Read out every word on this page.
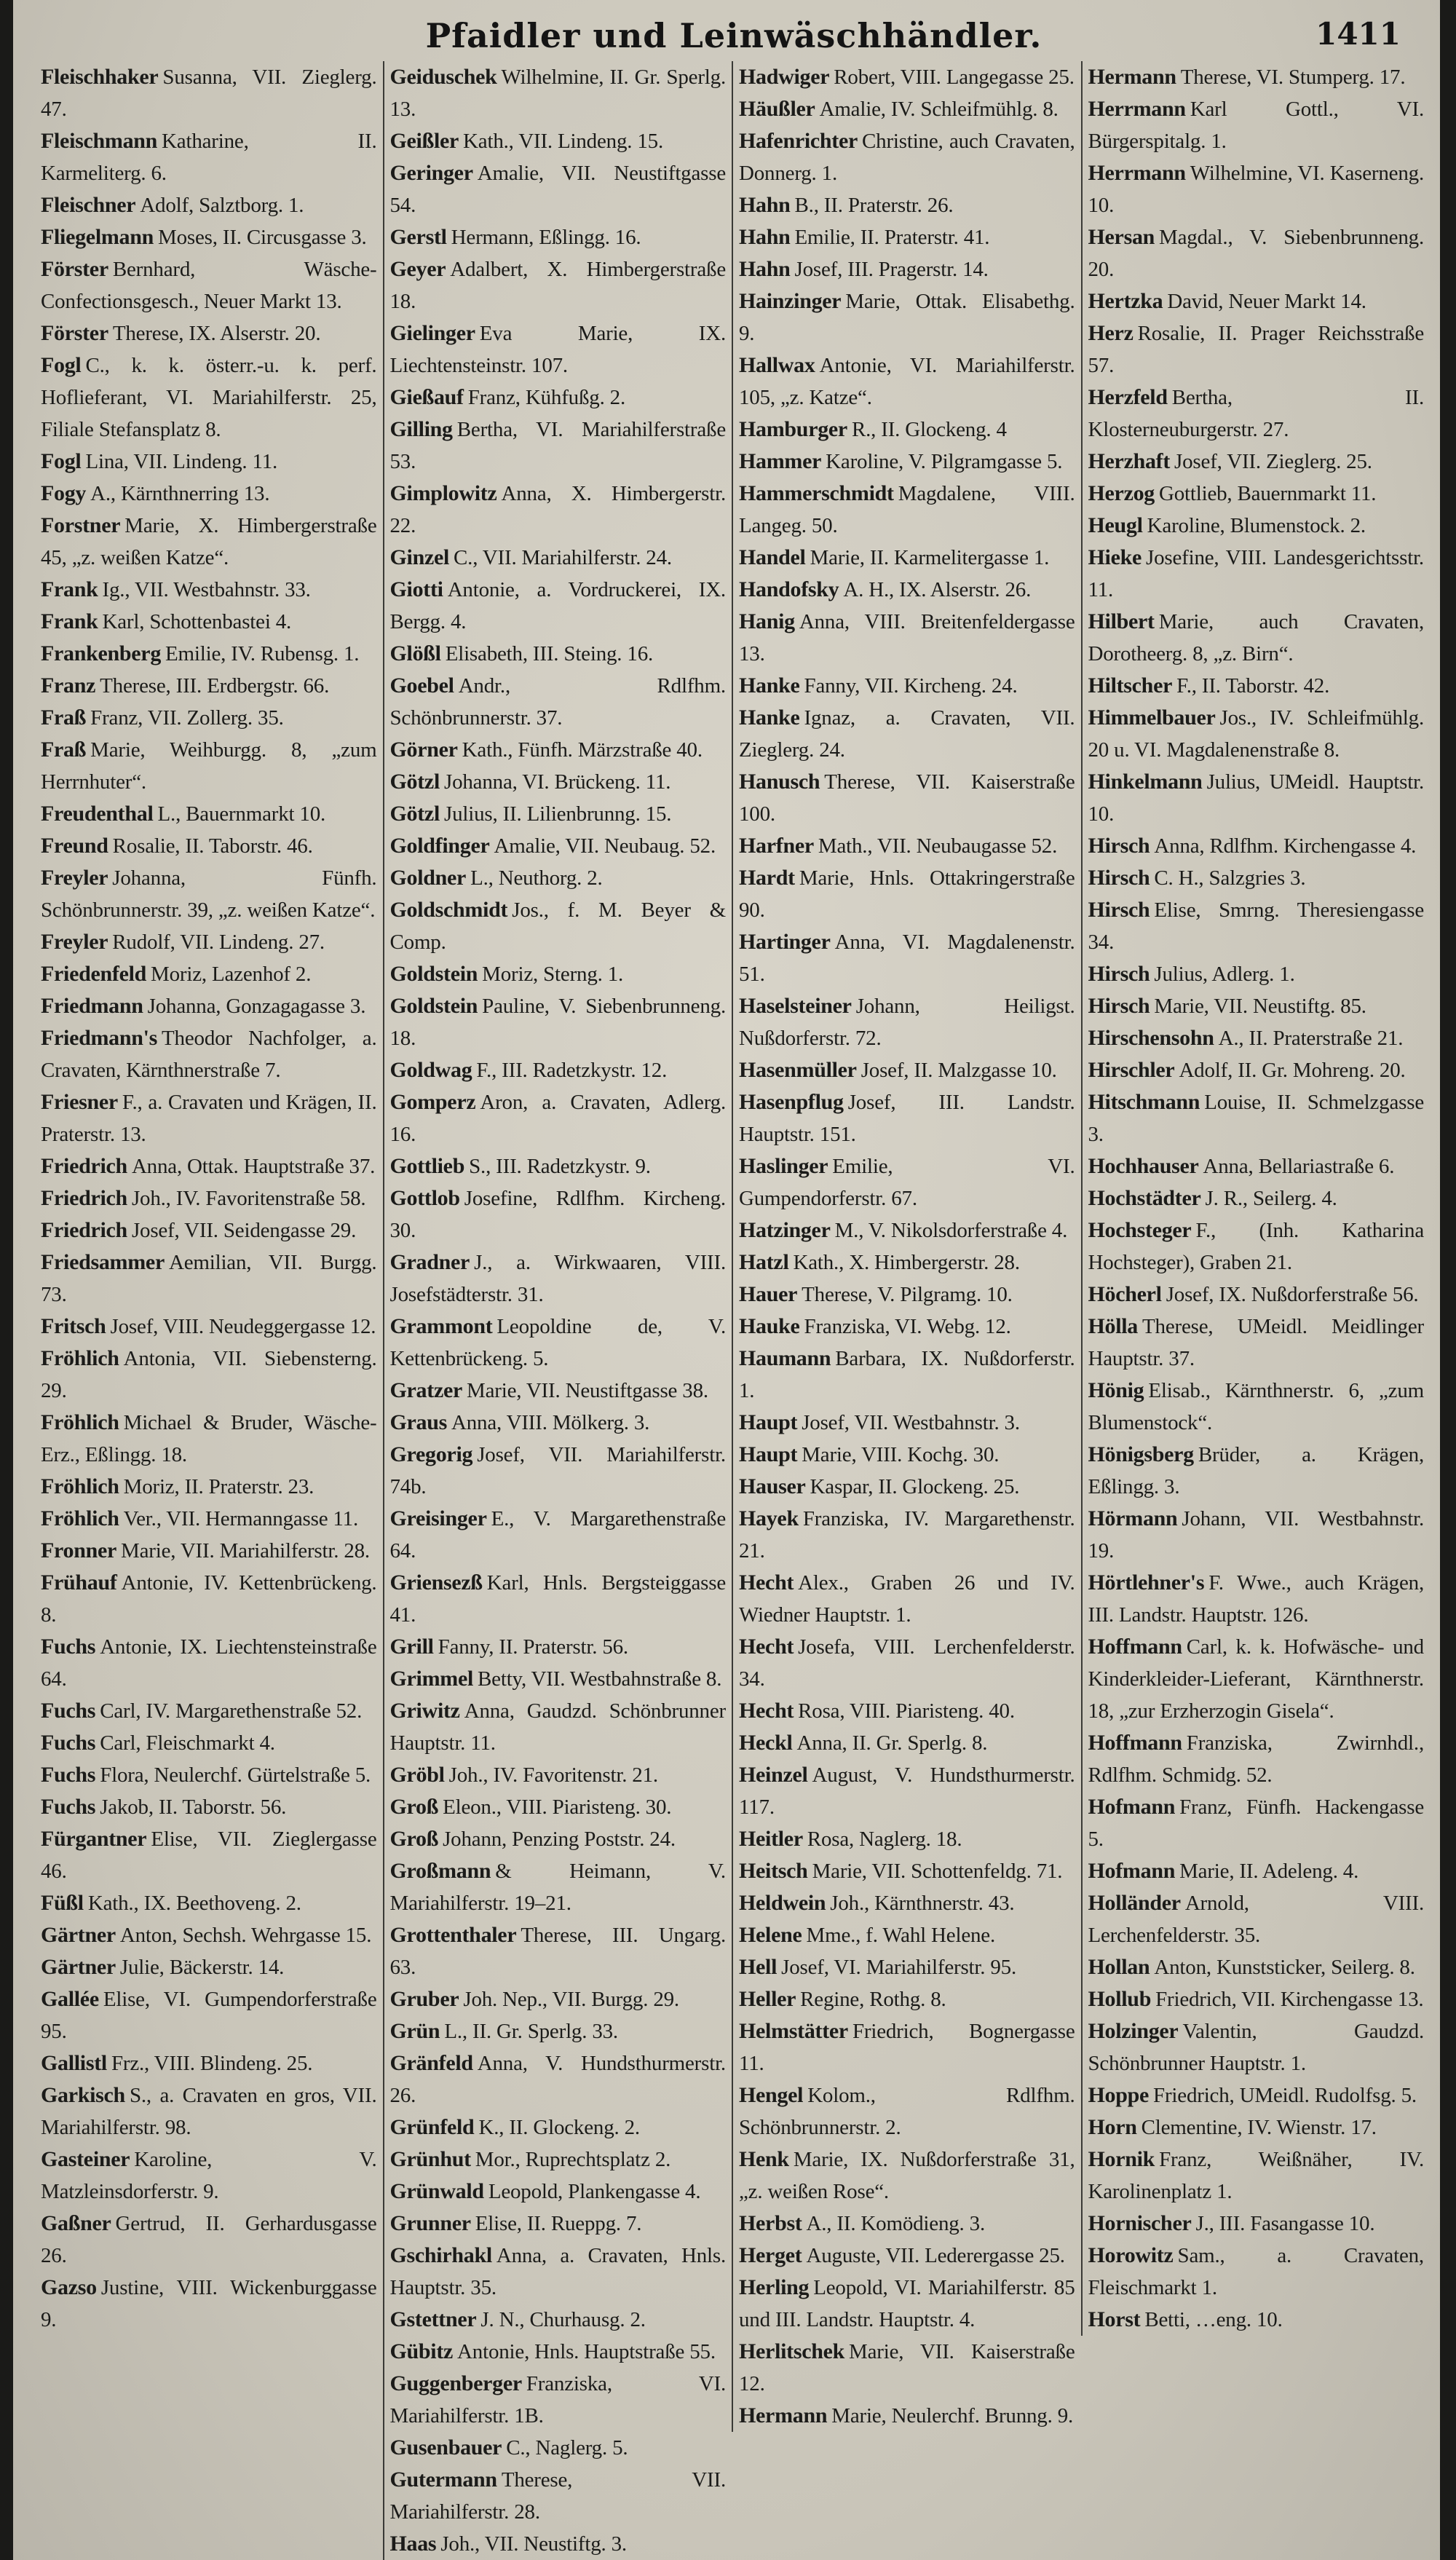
Pfaidler und Leinwäschhändler.	1411
Fleischhaker Susanna, VII. Zieglerg. 47.
Fleischmann Katharine, II. Karmeliterg. 6.
Fleischner Adolf, Salztborg. 1.
Fliegelmann Moses, II. Circusgasse 3.
Förster Bernhard, Wäsche-Confectionsgesch., Neuer Markt 13.
Förster Therese, IX. Alserstr. 20.
Fogl C., k. k. österr.-u. k. perf. Hoflieferant, VI. Mariahilferstr. 25, Filiale Stefansplatz 8.
Fogl Lina, VII. Lindeng. 11.
Fogy A., Kärnthnerring 13.
Forstner Marie, X. Himbergerstraße 45, „z. weißen Katze“.
Frank Ig., VII. Westbahnstr. 33.
Frank Karl, Schottenbastei 4.
Frankenberg Emilie, IV. Rubensg. 1.
Franz Therese, III. Erdbergstr. 66.
Fraß Franz, VII. Zollerg. 35.
Fraß Marie, Weihburgg. 8, „zum Herrnhuter“.
Freudenthal L., Bauernmarkt 10.
Freund Rosalie, II. Taborstr. 46.
Freyler Johanna, Fünfh. Schönbrunnerstr. 39, „z. weißen Katze“.
Freyler Rudolf, VII. Lindeng. 27.
Friedenfeld Moriz, Lazenhof 2.
Friedmann Johanna, Gonzagagasse 3.
Friedmann's Theodor Nachfolger, a. Cravaten, Kärnthnerstraße 7.
Friesner F., a. Cravaten und Krägen, II. Praterstr. 13.
Friedrich Anna, Ottak. Hauptstraße 37.
Friedrich Joh., IV. Favoritenstraße 58.
Friedrich Josef, VII. Seidengasse 29.
Friedsammer Aemilian, VII. Burgg. 73.
Fritsch Josef, VIII. Neudeggergasse 12.
Fröhlich Antonia, VII. Siebensterng. 29.
Fröhlich Michael & Bruder, Wäsche-Erz., Eßlingg. 18.
Fröhlich Moriz, II. Praterstr. 23.
Fröhlich Ver., VII. Hermanngasse 11.
Fronner Marie, VII. Mariahilferstr. 28.
Frühauf Antonie, IV. Kettenbrückeng. 8.
Fuchs Antonie, IX. Liechtensteinstraße 64.
Fuchs Carl, IV. Margarethenstraße 52.
Fuchs Carl, Fleischmarkt 4.
Fuchs Flora, Neulerchf. Gürtelstraße 5.
Fuchs Jakob, II. Taborstr. 56.
Fürgantner Elise, VII. Zieglergasse 46.
Füßl Kath., IX. Beethoveng. 2.
Gärtner Anton, Sechsh. Wehrgasse 15.
Gärtner Julie, Bäckerstr. 14.
Gallée Elise, VI. Gumpendorferstraße 95.
Gallistl Frz., VIII. Blindeng. 25.
Garkisch S., a. Cravaten en gros, VII. Mariahilferstr. 98.
Gasteiner Karoline, V. Matzleinsdorferstr. 9.
Gaßner Gertrud, II. Gerhardusgasse 26.
Gazso Justine, VIII. Wickenburggasse 9.
Geiduschek Wilhelmine, II. Gr. Sperlg. 13.
Geißler Kath., VII. Lindeng. 15.
Geringer Amalie, VII. Neustiftgasse 54.
Gerstl Hermann, Eßlingg. 16.
Geyer Adalbert, X. Himbergerstraße 18.
Gielinger Eva Marie, IX. Liechtensteinstr. 107.
Gießauf Franz, Kühfußg. 2.
Gilling Bertha, VI. Mariahilferstraße 53.
Gimplowitz Anna, X. Himbergerstr. 22.
Ginzel C., VII. Mariahilferstr. 24.
Giotti Antonie, a. Vordruckerei, IX. Bergg. 4.
Glößl Elisabeth, III. Steing. 16.
Goebel Andr., Rdlfhm. Schönbrunnerstr. 37.
Görner Kath., Fünfh. Märzstraße 40.
Götzl Johanna, VI. Brückeng. 11.
Götzl Julius, II. Lilienbrunng. 15.
Goldfinger Amalie, VII. Neubaug. 52.
Goldner L., Neuthorg. 2.
Goldschmidt Jos., f. M. Beyer & Comp.
Goldstein Moriz, Sterng. 1.
Goldstein Pauline, V. Siebenbrunneng. 18.
Goldwag F., III. Radetzkystr. 12.
Gomperz Aron, a. Cravaten, Adlerg. 16.
Gottlieb S., III. Radetzkystr. 9.
Gottlob Josefine, Rdlfhm. Kircheng. 30.
Gradner J., a. Wirkwaaren, VIII. Josefstädterstr. 31.
Grammont Leopoldine de, V. Kettenbrückeng. 5.
Gratzer Marie, VII. Neustiftgasse 38.
Graus Anna, VIII. Mölkerg. 3.
Gregorig Josef, VII. Mariahilferstr. 74b.
Greisinger E., V. Margarethenstraße 64.
Griensezß Karl, Hnls. Bergsteiggasse 41.
Grill Fanny, II. Praterstr. 56.
Grimmel Betty, VII. Westbahnstraße 8.
Griwitz Anna, Gaudzd. Schönbrunner Hauptstr. 11.
Gröbl Joh., IV. Favoritenstr. 21.
Groß Eleon., VIII. Piaristeng. 30.
Groß Johann, Penzing Poststr. 24.
Großmann & Heimann, V. Mariahilferstr. 19–21.
Grottenthaler Therese, III. Ungarg. 63.
Gruber Joh. Nep., VII. Burgg. 29.
Grün L., II. Gr. Sperlg. 33.
Gränfeld Anna, V. Hundsthurmerstr. 26.
Grünfeld K., II. Glockeng. 2.
Grünhut Mor., Ruprechtsplatz 2.
Grünwald Leopold, Plankengasse 4.
Grunner Elise, II. Rueppg. 7.
Gschirhakl Anna, a. Cravaten, Hnls. Hauptstr. 35.
Gstettner J. N., Churhausg. 2.
Gübitz Antonie, Hnls. Hauptstraße 55.
Guggenberger Franziska, VI. Mariahilferstr. 1B.
Gusenbauer C., Naglerg. 5.
Gutermann Therese, VII. Mariahilferstr. 28.
Haas Joh., VII. Neustiftg. 3.
Hadwiger Robert, VIII. Langegasse 25.
Häußler Amalie, IV. Schleifmühlg. 8.
Hafenrichter Christine, auch Cravaten, Donnerg. 1.
Hahn B., II. Praterstr. 26.
Hahn Emilie, II. Praterstr. 41.
Hahn Josef, III. Pragerstr. 14.
Hainzinger Marie, Ottak. Elisabethg. 9.
Hallwax Antonie, VI. Mariahilferstr. 105, „z. Katze“.
Hamburger R., II. Glockeng. 4
Hammer Karoline, V. Pilgramgasse 5.
Hammerschmidt Magdalene, VIII. Langeg. 50.
Handel Marie, II. Karmelitergasse 1.
Handofsky A. H., IX. Alserstr. 26.
Hanig Anna, VIII. Breitenfeldergasse 13.
Hanke Fanny, VII. Kircheng. 24.
Hanke Ignaz, a. Cravaten, VII. Zieglerg. 24.
Hanusch Therese, VII. Kaiserstraße 100.
Harfner Math., VII. Neubaugasse 52.
Hardt Marie, Hnls. Ottakringerstraße 90.
Hartinger Anna, VI. Magdalenenstr. 51.
Haselsteiner Johann, Heiligst. Nußdorferstr. 72.
Hasenmüller Josef, II. Malzgasse 10.
Hasenpflug Josef, III. Landstr. Hauptstr. 151.
Haslinger Emilie, VI. Gumpendorferstr. 67.
Hatzinger M., V. Nikolsdorferstraße 4.
Hatzl Kath., X. Himbergerstr. 28.
Hauer Therese, V. Pilgramg. 10.
Hauke Franziska, VI. Webg. 12.
Haumann Barbara, IX. Nußdorferstr. 1.
Haupt Josef, VII. Westbahnstr. 3.
Haupt Marie, VIII. Kochg. 30.
Hauser Kaspar, II. Glockeng. 25.
Hayek Franziska, IV. Margarethenstr. 21.
Hecht Alex., Graben 26 und IV. Wiedner Hauptstr. 1.
Hecht Josefa, VIII. Lerchenfelderstr. 34.
Hecht Rosa, VIII. Piaristeng. 40.
Heckl Anna, II. Gr. Sperlg. 8.
Heinzel August, V. Hundsthurmerstr. 117.
Heitler Rosa, Naglerg. 18.
Heitsch Marie, VII. Schottenfeldg. 71.
Heldwein Joh., Kärnthnerstr. 43.
Helene Mme., f. Wahl Helene.
Hell Josef, VI. Mariahilferstr. 95.
Heller Regine, Rothg. 8.
Helmstätter Friedrich, Bognergasse 11.
Hengel Kolom., Rdlfhm. Schönbrunnerstr. 2.
Henk Marie, IX. Nußdorferstraße 31, „z. weißen Rose“.
Herbst A., II. Komödieng. 3.
Herget Auguste, VII. Lederergasse 25.
Herling Leopold, VI. Mariahilferstr. 85 und III. Landstr. Hauptstr. 4.
Herlitschek Marie, VII. Kaiserstraße 12.
Hermann Marie, Neulerchf. Brunng. 9.
Hermann Therese, VI. Stumperg. 17.
Herrmann Karl Gottl., VI. Bürgerspitalg. 1.
Herrmann Wilhelmine, VI. Kaserneng. 10.
Hersan Magdal., V. Siebenbrunneng. 20.
Hertzka David, Neuer Markt 14.
Herz Rosalie, II. Prager Reichsstraße 57.
Herzfeld Bertha, II. Klosterneuburgerstr. 27.
Herzhaft Josef, VII. Zieglerg. 25.
Herzog Gottlieb, Bauernmarkt 11.
Heugl Karoline, Blumenstock. 2.
Hieke Josefine, VIII. Landesgerichtsstr. 11.
Hilbert Marie, auch Cravaten, Dorotheerg. 8, „z. Birn“.
Hiltscher F., II. Taborstr. 42.
Himmelbauer Jos., IV. Schleifmühlg. 20 u. VI. Magdalenenstraße 8.
Hinkelmann Julius, UMeidl. Hauptstr. 10.
Hirsch Anna, Rdlfhm. Kirchengasse 4.
Hirsch C. H., Salzgries 3.
Hirsch Elise, Smrng. Theresiengasse 34.
Hirsch Julius, Adlerg. 1.
Hirsch Marie, VII. Neustiftg. 85.
Hirschensohn A., II. Praterstraße 21.
Hirschler Adolf, II. Gr. Mohreng. 20.
Hitschmann Louise, II. Schmelzgasse 3.
Hochhauser Anna, Bellariastraße 6.
Hochstädter J. R., Seilerg. 4.
Hochsteger F., (Inh. Katharina Hochsteger), Graben 21.
Höcherl Josef, IX. Nußdorferstraße 56.
Hölla Therese, UMeidl. Meidlinger Hauptstr. 37.
Hönig Elisab., Kärnthnerstr. 6, „zum Blumenstock“.
Hönigsberg Brüder, a. Krägen, Eßlingg. 3.
Hörmann Johann, VII. Westbahnstr. 19.
Hörtlehner's F. Wwe., auch Krägen, III. Landstr. Hauptstr. 126.
Hoffmann Carl, k. k. Hofwäsche- und Kinderkleider-Lieferant, Kärnthnerstr. 18, „zur Erzherzogin Gisela“.
Hoffmann Franziska, Zwirnhdl., Rdlfhm. Schmidg. 52.
Hofmann Franz, Fünfh. Hackengasse 5.
Hofmann Marie, II. Adeleng. 4.
Holländer Arnold, VIII. Lerchenfelderstr. 35.
Hollan Anton, Kunststicker, Seilerg. 8.
Hollub Friedrich, VII. Kirchengasse 13.
Holzinger Valentin, Gaudzd. Schönbrunner Hauptstr. 1.
Hoppe Friedrich, UMeidl. Rudolfsg. 5.
Horn Clementine, IV. Wienstr. 17.
Hornik Franz, Weißnäher, IV. Karolinenplatz 1.
Hornischer J., III. Fasangasse 10.
Horowitz Sam., a. Cravaten, Fleischmarkt 1.
Horst Betti, …eng. 10.
